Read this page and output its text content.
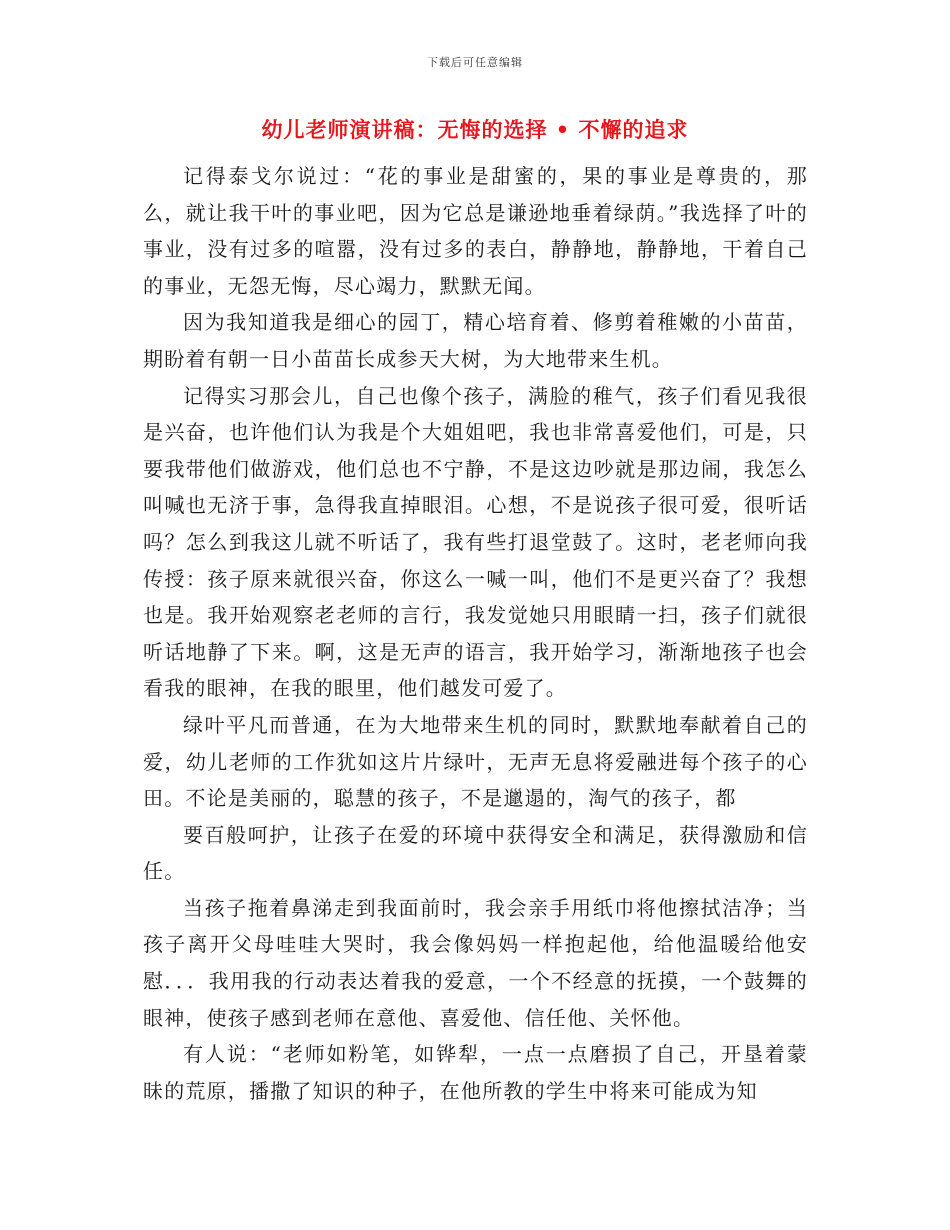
下载后可任意编辑
幼儿老师演讲稿：无悔的选择 • 不懈的追求

记得泰戈尔说过：“花的事业是甜蜜的，果的事业是尊贵的，那么，就让我干叶的事业吧，因为它总是谦逊地垂着绿荫。”我选择了叶的事业，没有过多的喧嚣，没有过多的表白，静静地，静静地，干着自己的事业，无怨无悔，尽心竭力，默默无闻。

因为我知道我是细心的园丁，精心培育着、修剪着稚嫩的小苗苗，期盼着有朝一日小苗苗长成参天大树，为大地带来生机。

记得实习那会儿，自己也像个孩子，满脸的稚气，孩子们看见我很是兴奋，也许他们认为我是个大姐姐吧，我也非常喜爱他们，可是，只要我带他们做游戏，他们总也不宁静，不是这边吵就是那边闹，我怎么叫喊也无济于事，急得我直掉眼泪。心想，不是说孩子很可爱，很听话吗？怎么到我这儿就不听话了，我有些打退堂鼓了。这时，老老师向我传授：孩子原来就很兴奋，你这么一喊一叫，他们不是更兴奋了？我想也是。我开始观察老老师的言行，我发觉她只用眼睛一扫，孩子们就很听话地静了下来。啊，这是无声的语言，我开始学习，渐渐地孩子也会看我的眼神，在我的眼里，他们越发可爱了。

绿叶平凡而普通，在为大地带来生机的同时，默默地奉献着自己的爱，幼儿老师的工作犹如这片片绿叶，无声无息将爱融进每个孩子的心田。不论是美丽的，聪慧的孩子，不是邋遢的，淘气的孩子，都

要百般呵护，让孩子在爱的环境中获得安全和满足，获得激励和信任。

当孩子拖着鼻涕走到我面前时，我会亲手用纸巾将他擦拭洁净；当孩子离开父母哇哇大哭时，我会像妈妈一样抱起他，给他温暖给他安慰．．．我用我的行动表达着我的爱意，一个不经意的抚摸，一个鼓舞的眼神，使孩子感到老师在意他、喜爱他、信任他、关怀他。

有人说：“老师如粉笔，如铧犁，一点一点磨损了自己，开垦着蒙昧的荒原，播撒了知识的种子，在他所教的学生中将来可能成为知
